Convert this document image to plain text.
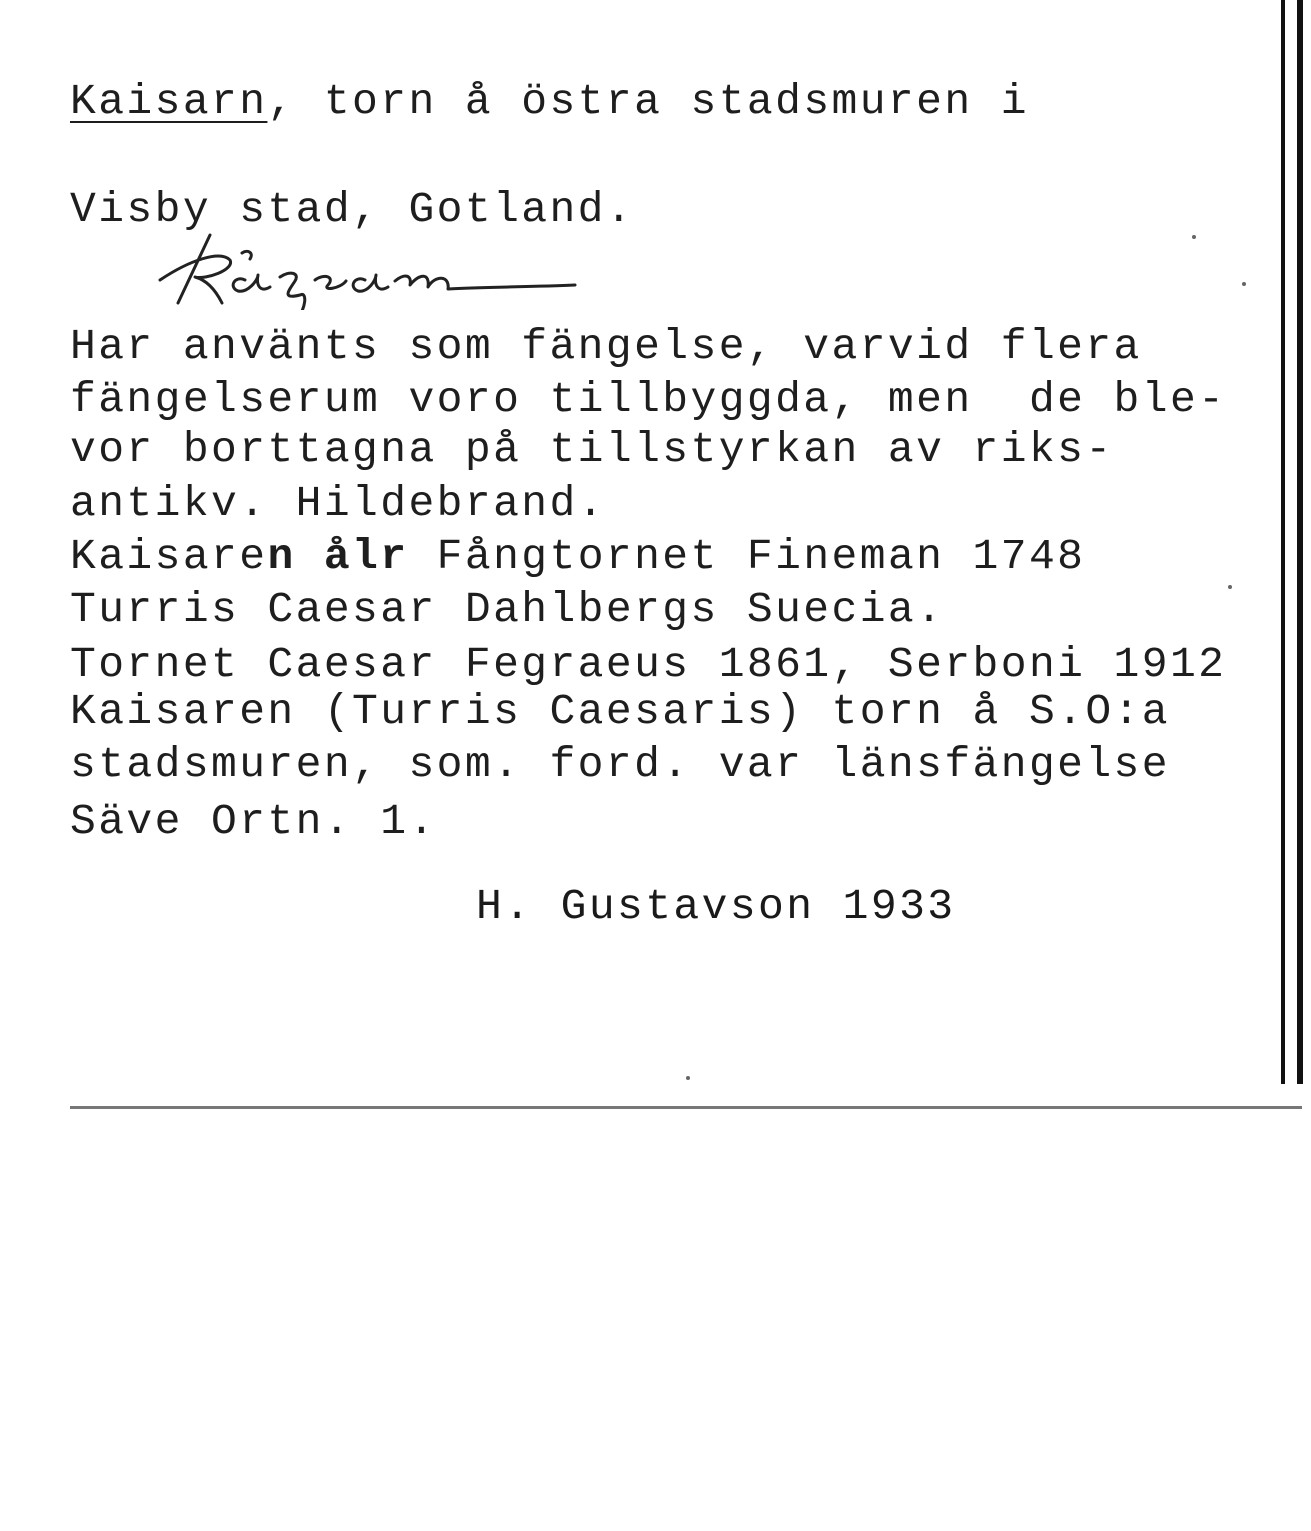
Kaisarn, torn å östra stadsmuren i
Visby stad, Gotland.
Har använts som fängelse, varvid flera
fängelserum voro tillbyggda, men  de ble-
vor borttagna på tillstyrkan av riks-
antikv. Hildebrand.
Kaisaren ålr Fångtornet Fineman 1748
Turris Caesar Dahlbergs Suecia.
Tornet Caesar Fegraeus 1861, Serboni 1912
Kaisaren (Turris Caesaris) torn å S.O:a
stadsmuren, som. ford. var länsfängelse
Säve Ortn. 1.
H. Gustavson 1933
